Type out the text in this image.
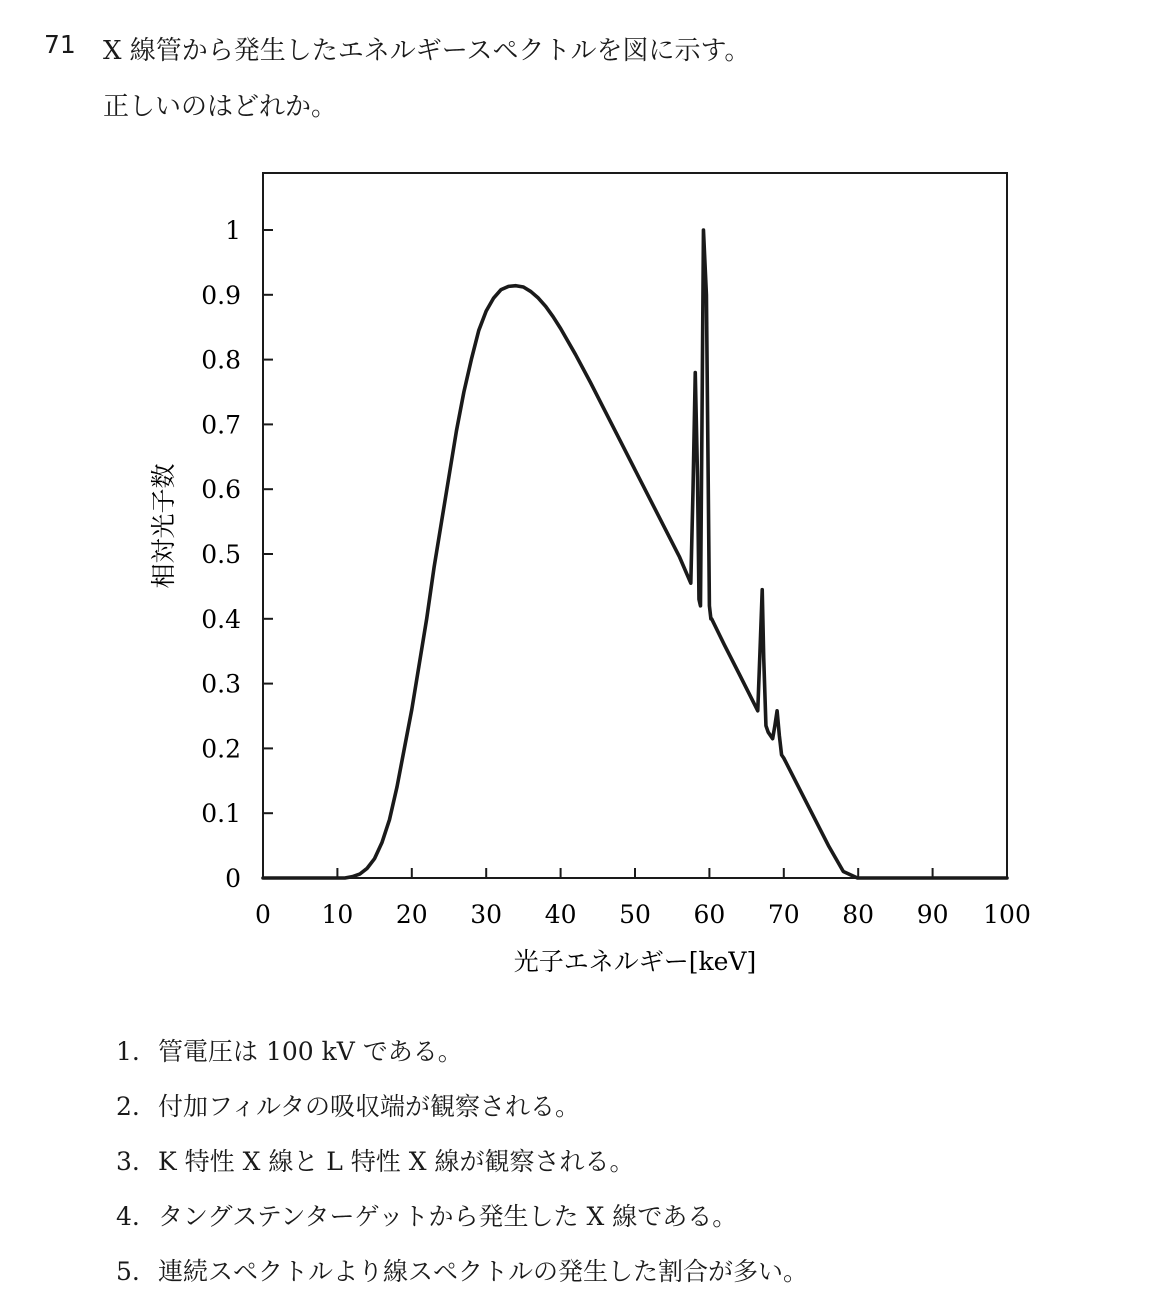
71 X 線管から発生したエネルギースペクトルを図に示す。
正しいのはどれか。
0
0.1
0.2
0.3
0.4
0.5
0.6
0.7
0.8
0.9
1
0 10 20 30 40 50 60 70 80 90 100
相対光子数
光子エネルギー[keV]
1. 管電圧は 100 kV である。
2. 付加フィルタの吸収端が観察される。
3. K 特性 X 線と L 特性 X 線が観察される。
4. タングステンターゲットから発生した X 線である。
5. 連続スペクトルより線スペクトルの発生した割合が多い。
